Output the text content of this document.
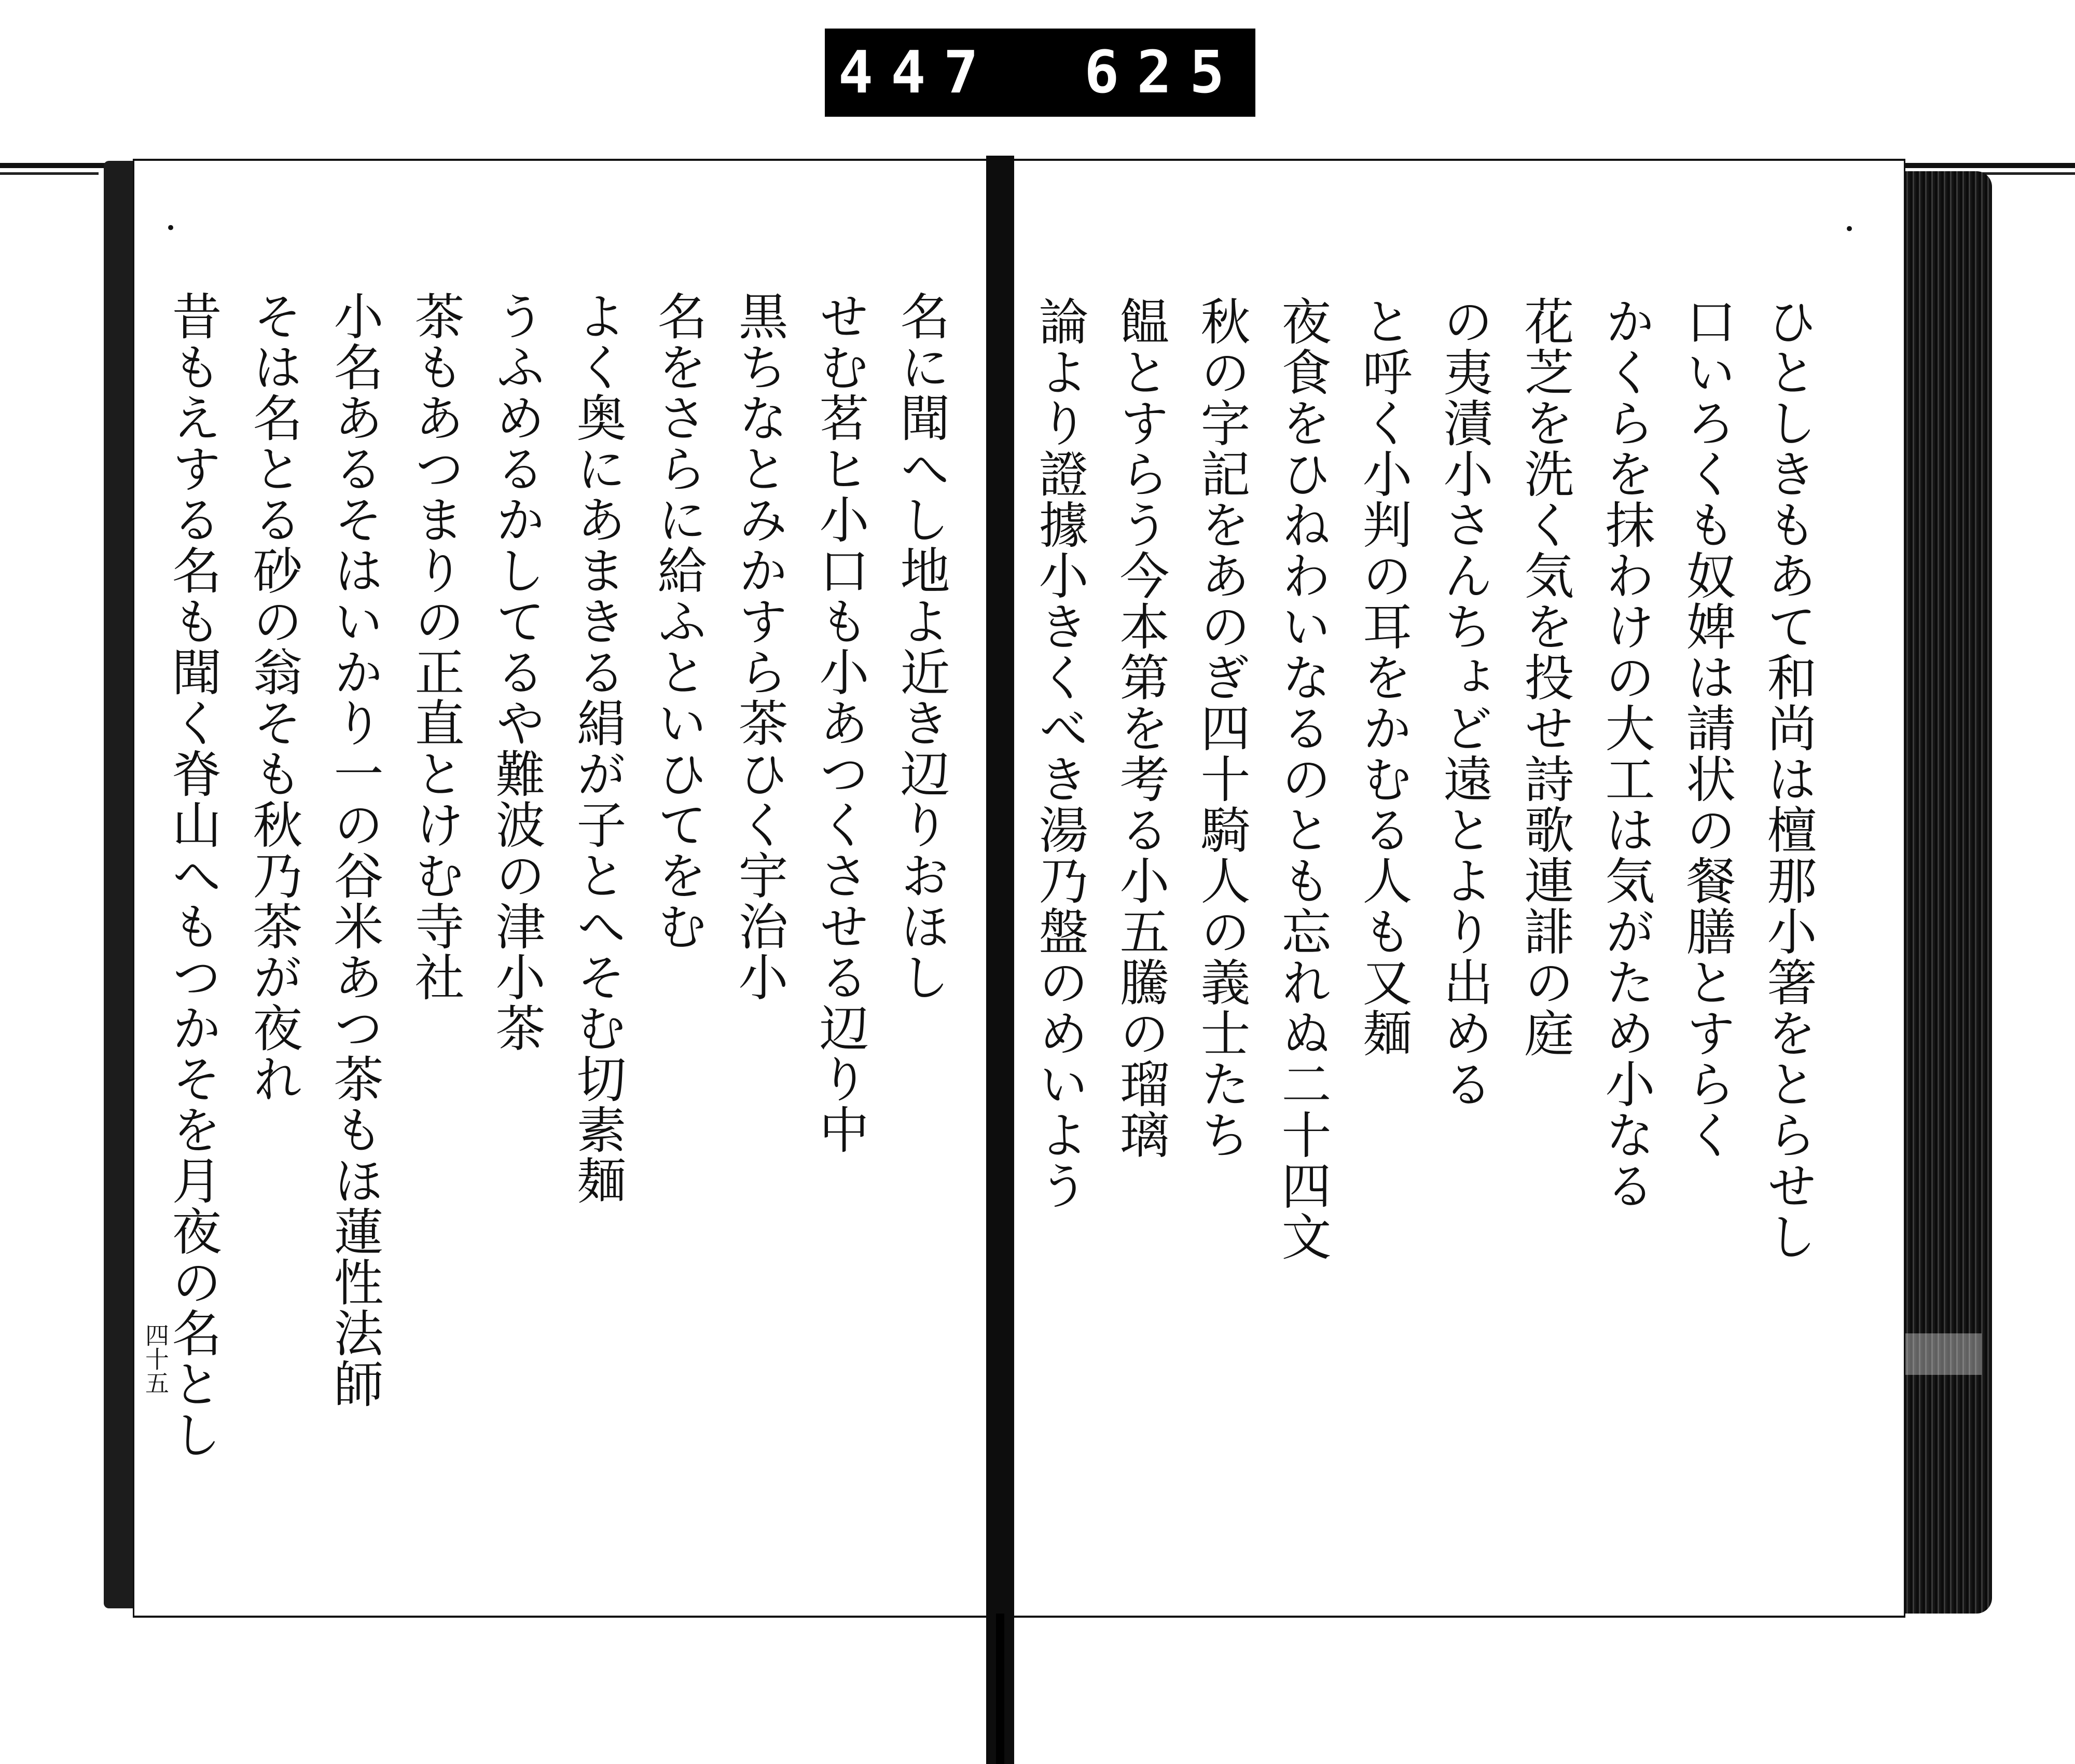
447 625
•
名に聞へし地よ近き辺りおほし
せむ茗ヒ小口も小あつくさせる辺り中
黒ちなとみかすら茶ひく宇治小
名をさらに給ふといひてをむ
よく奥にあまきる絹が子とへそむ切素麺
うふめるかしてるや難波の津小茶
茶もあつまりの正直とけむ寺社
小名あるそはいかり一の谷米あつ茶もほ蓮性法師
そは名とる砂の翁そも秋乃茶が夜れ
昔もえする名も聞く脊山へもつかそを月夜の名とし
四十五
•
ひとしきもあて和尚は檀那小箸をとらせし
口いろくも奴婢は請状の餐膳とすらく
かくらを抹わけの大工は気がため小なる
花芝を洗く気を投せ詩歌連誹の庭
の夷漬小さんちょど遠とより出める
と呼く小判の耳をかむる人も又麺
夜食をひねわいなるのとも忘れぬ二十四文
秋の字記をあのぎ四十騎人の義士たち
饂とすらう今本第を考る小五騰の瑠璃
論より證據小きくべき湯乃盤のめいよう
